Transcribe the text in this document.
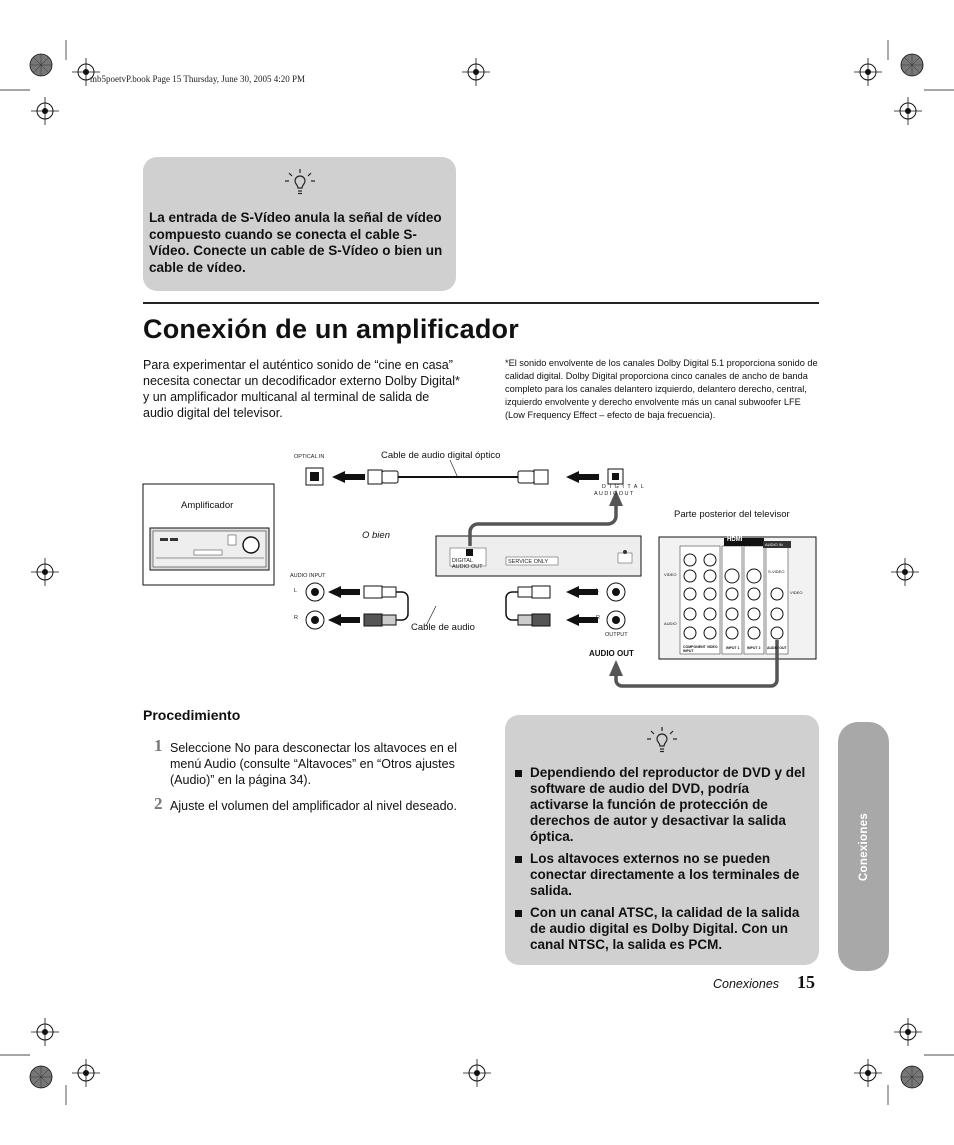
mb5poetvP.book Page 15 Thursday, June 30, 2005 4:20 PM
La entrada de S-Vídeo anula la señal de vídeo compuesto cuando se conecta el cable S-Vídeo. Conecte un cable de S-Vídeo o bien un cable de vídeo.
Conexión de un amplificador
Para experimentar el auténtico sonido de “cine en casa” necesita conectar un decodificador externo Dolby Digital* y un amplificador multicanal al terminal de salida de audio digital del televisor.
*El sonido envolvente de los canales Dolby Digital 5.1 proporciona sonido de calidad digital. Dolby Digital proporciona cinco canales de ancho de banda completo para los canales delantero izquierdo, delantero derecho, central, izquierdo envolvente y derecho envolvente más un canal subwoofer LFE (Low Frequency Effect – efecto de baja frecuencia).
OPTICAL IN	Cable de audio digital óptico
D I G I T A L
A U D I O O U T
Amplificador
Parte posterior del televisor
O bien
DIGITAL AUDIO OUT
SERVICE ONLY
AUDIO INPUT
L
R
L
R
Cable de audio
OUTPUT
AUDIO OUT
HDMI
AUDIO IN
S-VIDEO
VIDEO
VIDEO
AUDIO
COMPONENT VIDEO INPUT
INPUT 1 INPUT 2 AUDIO OUT
Procedimiento
1 Seleccione No para desconectar los altavoces en el menú Audio (consulte “Altavoces” en “Otros ajustes (Audio)” en la página 34).
2 Ajuste el volumen del amplificador al nivel deseado.
Dependiendo del reproductor de DVD y del software de audio del DVD, podría activarse la función de protección de derechos de autor y desactivar la salida óptica.
Los altavoces externos no se pueden conectar directamente a los terminales de salida.
Con un canal ATSC, la calidad de la salida de audio digital es Dolby Digital. Con un canal NTSC, la salida es PCM.
Conexiones
Conexiones 15
